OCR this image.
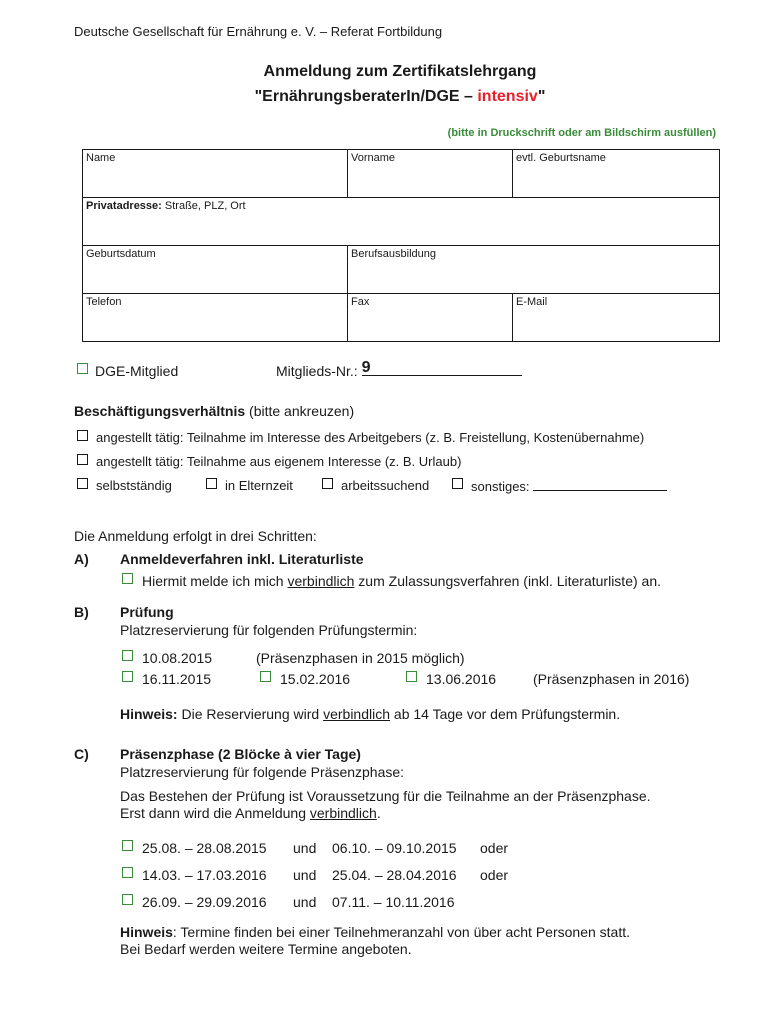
Deutsche Gesellschaft für Ernährung e. V. – Referat Fortbildung
Anmeldung zum Zertifikatslehrgang
"ErnährungsberaterIn/DGE – intensiv"
(bitte in Druckschrift oder am Bildschirm ausfüllen)
Name	Vorname	evtl. Geburtsname
Privatadresse: Straße, PLZ, Ort		
Geburtsdatum	Berufsausbildung	
Telefon	Fax	E-Mail
DGE-Mitglied	Mitglieds-Nr.: 9
Beschäftigungsverhältnis (bitte ankreuzen)
angestellt tätig: Teilnahme im Interesse des Arbeitgebers (z. B. Freistellung, Kostenübernahme)
angestellt tätig: Teilnahme aus eigenem Interesse (z. B. Urlaub)
selbstständig	in Elternzeit	arbeitssuchend	sonstiges:
Die Anmeldung erfolgt in drei Schritten:
A) Anmeldeverfahren inkl. Literaturliste
Hiermit melde ich mich verbindlich zum Zulassungsverfahren (inkl. Literaturliste) an.
B) Prüfung
Platzreservierung für folgenden Prüfungstermin:
10.08.2015	(Präsenzphasen in 2015 möglich)
16.11.2015	15.02.2016	13.06.2016	(Präsenzphasen in 2016)
Hinweis: Die Reservierung wird verbindlich ab 14 Tage vor dem Prüfungstermin.
C) Präsenzphase (2 Blöcke à vier Tage)
Platzreservierung für folgende Präsenzphase:
Das Bestehen der Prüfung ist Voraussetzung für die Teilnahme an der Präsenzphase.
Erst dann wird die Anmeldung verbindlich.
25.08. – 28.08.2015 und 06.10. – 09.10.2015 oder
14.03. – 17.03.2016 und 25.04. – 28.04.2016 oder
26.09. – 29.09.2016 und 07.11. – 10.11.2016
Hinweis: Termine finden bei einer Teilnehmeranzahl von über acht Personen statt.
Bei Bedarf werden weitere Termine angeboten.
